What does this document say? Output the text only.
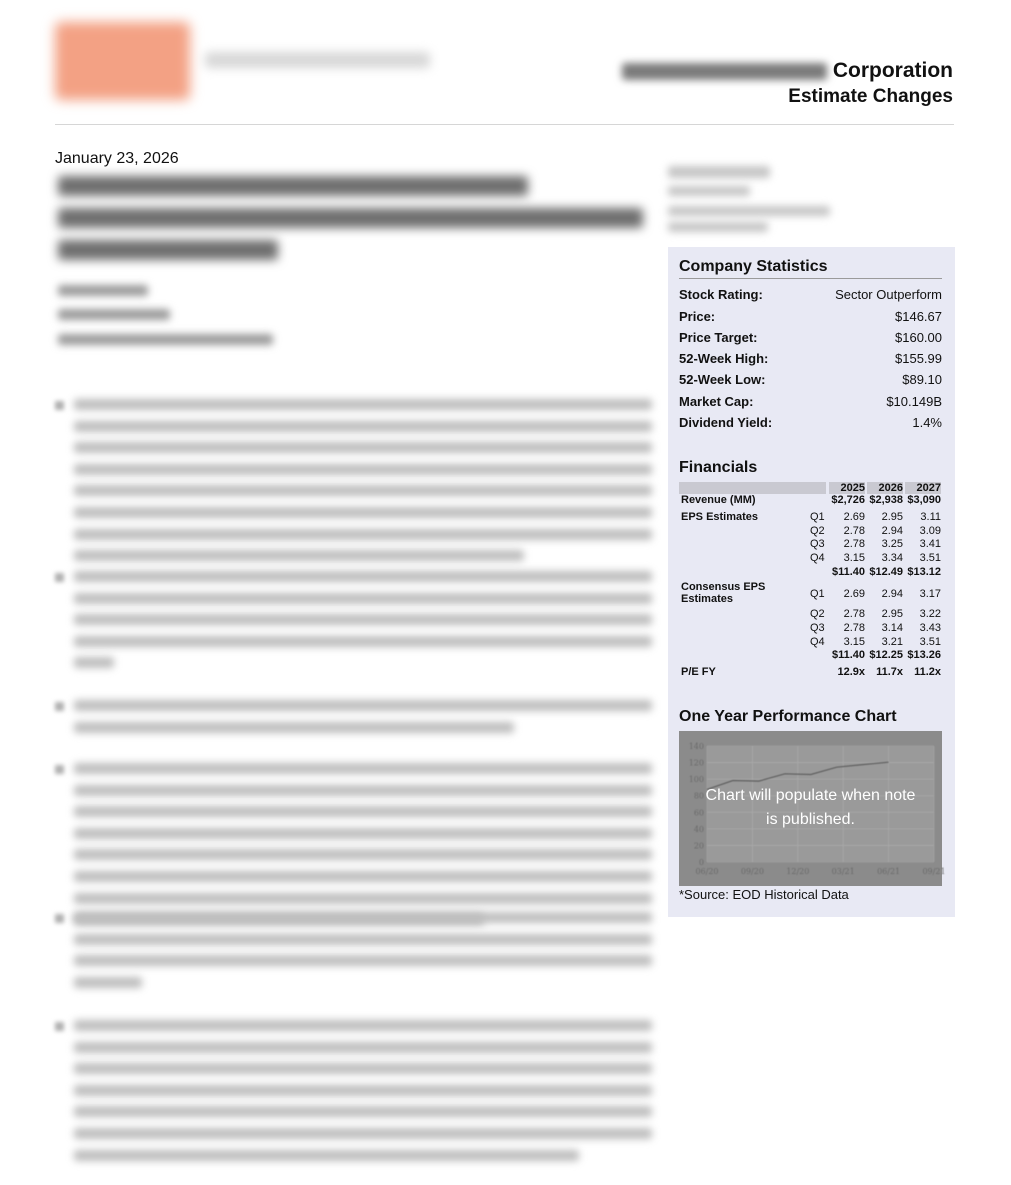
Corporation
Estimate Changes
January 23, 2026
Company Statistics
Stock Rating:	Sector Outperform
Price:	$146.67
Price Target:	$160.00
52-Week High:	$155.99
52-Week Low:	$89.10
Market Cap:	$10.149B
Dividend Yield:	1.4%
Financials
2025	2026	2027
Revenue (MM)	$2,726 $2,938 $3,090
EPS Estimates	Q1	2.69	2.95	3.11
Q2	2.78	2.94	3.09
Q3	2.78	3.25	3.41
Q4	3.15	3.34	3.51
$11.40 $12.49 $13.12
Consensus EPS
Estimates	Q1	2.69	2.94	3.17
Q2	2.78	2.95	3.22
Q3	2.78	3.14	3.43
Q4	3.15	3.21	3.51
$11.40 $12.25 $13.26
P/E FY	12.9x	11.7x	11.2x
One Year Performance Chart
0
20
40
60
80
100
120
140
06/20	09/20	12/20	03/21	06/21	09/21
Chart will populate when note
is published.
*Source: EOD Historical Data
